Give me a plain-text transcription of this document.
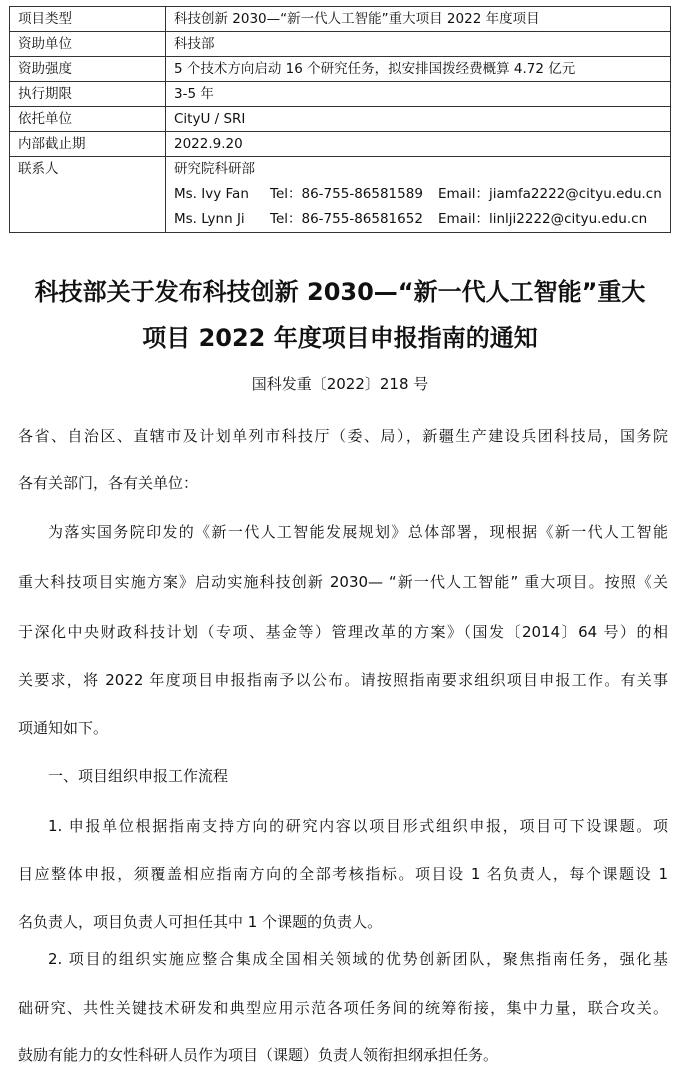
项目类型	科技创新 2030—“新一代人工智能”重大项目 2022 年度项目
资助单位	科技部
资助强度	5 个技术方向启动 16 个研究任务，拟安排国拨经费概算 4.72 亿元
执行期限	3-5 年
依托单位	CityU / SRI
内部截止期	2022.9.20
联系人	研究院科研部
Ms. Ivy Fan Tel：86-755-86581589 Email：jiamfa2222@cityu.edu.cn
Ms. Lynn Ji Tel：86-755-86581652 Email：linlji2222@cityu.edu.cn
科技部关于发布科技创新 2030—“新一代人工智能”重大
项目 2022 年度项目申报指南的通知
国科发重〔2022〕218 号
各省、自治区、直辖市及计划单列市科技厅（委、局），新疆生产建设兵团科技局，国务院
各有关部门，各有关单位：
为落实国务院印发的《新一代人工智能发展规划》总体部署，现根据《新一代人工智能
重大科技项目实施方案》启动实施科技创新 2030— “新一代人工智能” 重大项目。按照《关
于深化中央财政科技计划（专项、基金等）管理改革的方案》（国发〔2014〕64 号）的相
关要求，将 2022 年度项目申报指南予以公布。请按照指南要求组织项目申报工作。有关事
项通知如下。
一、项目组织申报工作流程
1. 申报单位根据指南支持方向的研究内容以项目形式组织申报，项目可下设课题。项
目应整体申报，须覆盖相应指南方向的全部考核指标。项目设 1 名负责人，每个课题设 1
名负责人，项目负责人可担任其中 1 个课题的负责人。
2. 项目的组织实施应整合集成全国相关领域的优势创新团队，聚焦指南任务，强化基
础研究、共性关键技术研发和典型应用示范各项任务间的统筹衔接，集中力量，联合攻关。
鼓励有能力的女性科研人员作为项目（课题）负责人领衔担纲承担任务。
